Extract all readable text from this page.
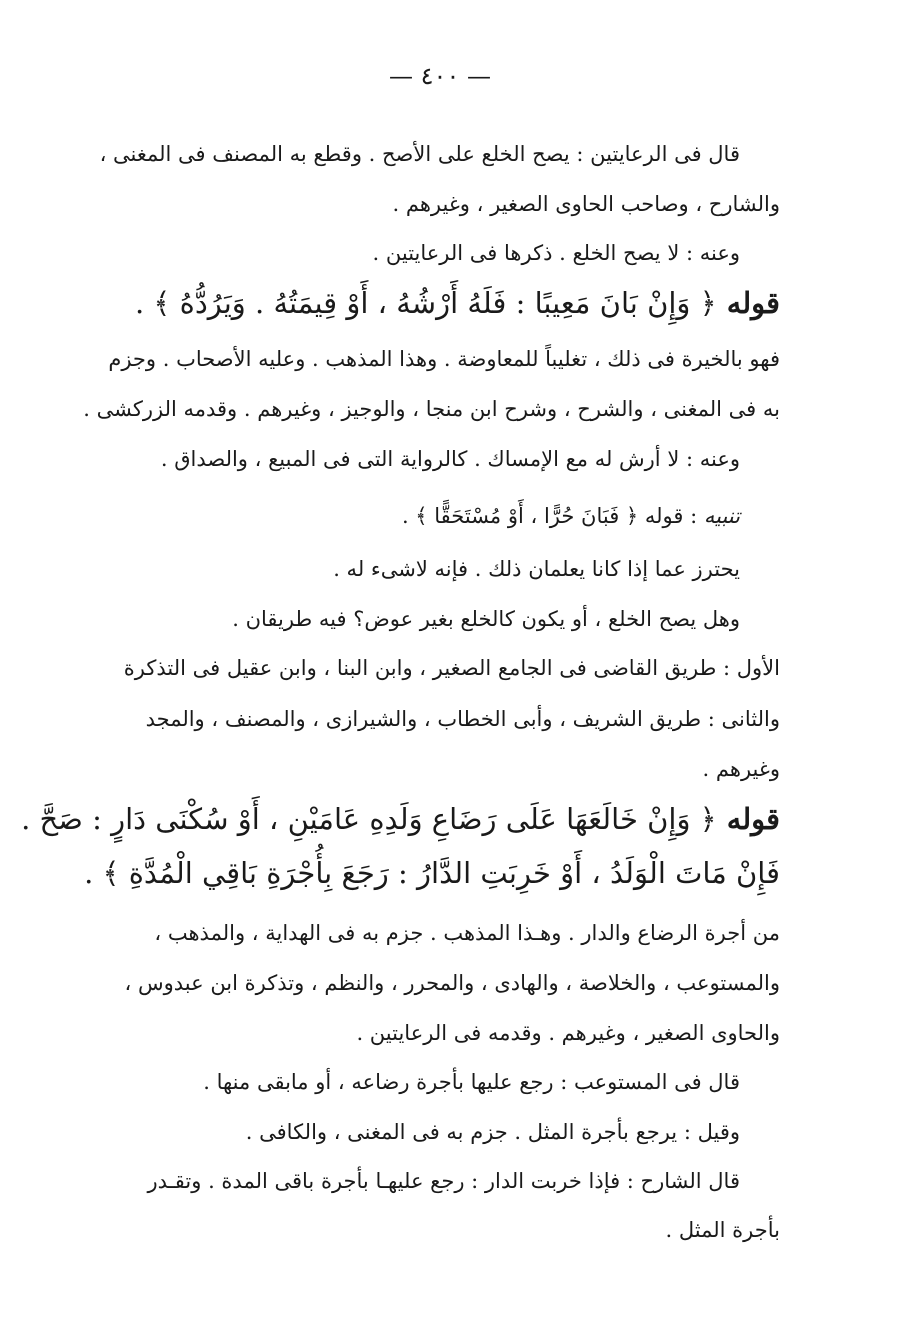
— ٤٠٠ —
قال فى الرعايتين : يصح الخلع على الأصح . وقطع به المصنف فى المغنى ،
والشارح ، وصاحب الحاوى الصغير ، وغيرهم .
وعنه : لا يصح الخلع . ذكرها فى الرعايتين .
قوله ﴿ وَإِنْ بَانَ مَعِيبًا : فَلَهُ أَرْشُهُ ، أَوْ قِيمَتُهُ . وَيَرُدُّهُ ﴾ .
فهو بالخيرة فى ذلك ، تغليباً للمعاوضة . وهذا المذهب . وعليه الأصحاب . وجزم
به فى المغنى ، والشرح ، وشرح ابن منجا ، والوجيز ، وغيرهم . وقدمه الزركشى .
وعنه : لا أرش له مع الإمساك . كالرواية التى فى المبيع ، والصداق .
تنبيه : قوله ﴿ فَبَانَ حُرًّا ، أَوْ مُسْتَحَقًّا ﴾ .
يحترز عما إذا كانا يعلمان ذلك . فإنه لاشىء له .
وهل يصح الخلع ، أو يكون كالخلع بغير عوض؟ فيه طريقان .
الأول : طريق القاضى فى الجامع الصغير ، وابن البنا ، وابن عقيل فى التذكرة
والثانى : طريق الشريف ، وأبى الخطاب ، والشيرازى ، والمصنف ، والمجد
وغيرهم .
قوله ﴿ وَإِنْ خَالَعَهَا عَلَى رَضَاعِ وَلَدِهِ عَامَيْنِ ، أَوْ سُكْنَى دَارٍ : صَحَّ .
فَإِنْ مَاتَ الْوَلَدُ ، أَوْ خَرِبَتِ الدَّارُ : رَجَعَ بِأُجْرَةِ بَاقِي الْمُدَّةِ ﴾ .
من أجرة الرضاع والدار . وهـذا المذهب . جزم به فى الهداية ، والمذهب ،
والمستوعب ، والخلاصة ، والهادى ، والمحرر ، والنظم ، وتذكرة ابن عبدوس ،
والحاوى الصغير ، وغيرهم . وقدمه فى الرعايتين .
قال فى المستوعب : رجع عليها بأجرة رضاعه ، أو مابقى منها .
وقيل : يرجع بأجرة المثل . جزم به فى المغنى ، والكافى .
قال الشارح : فإذا خربت الدار : رجع عليهـا بأجرة باقى المدة . وتقـدر
بأجرة المثل .
